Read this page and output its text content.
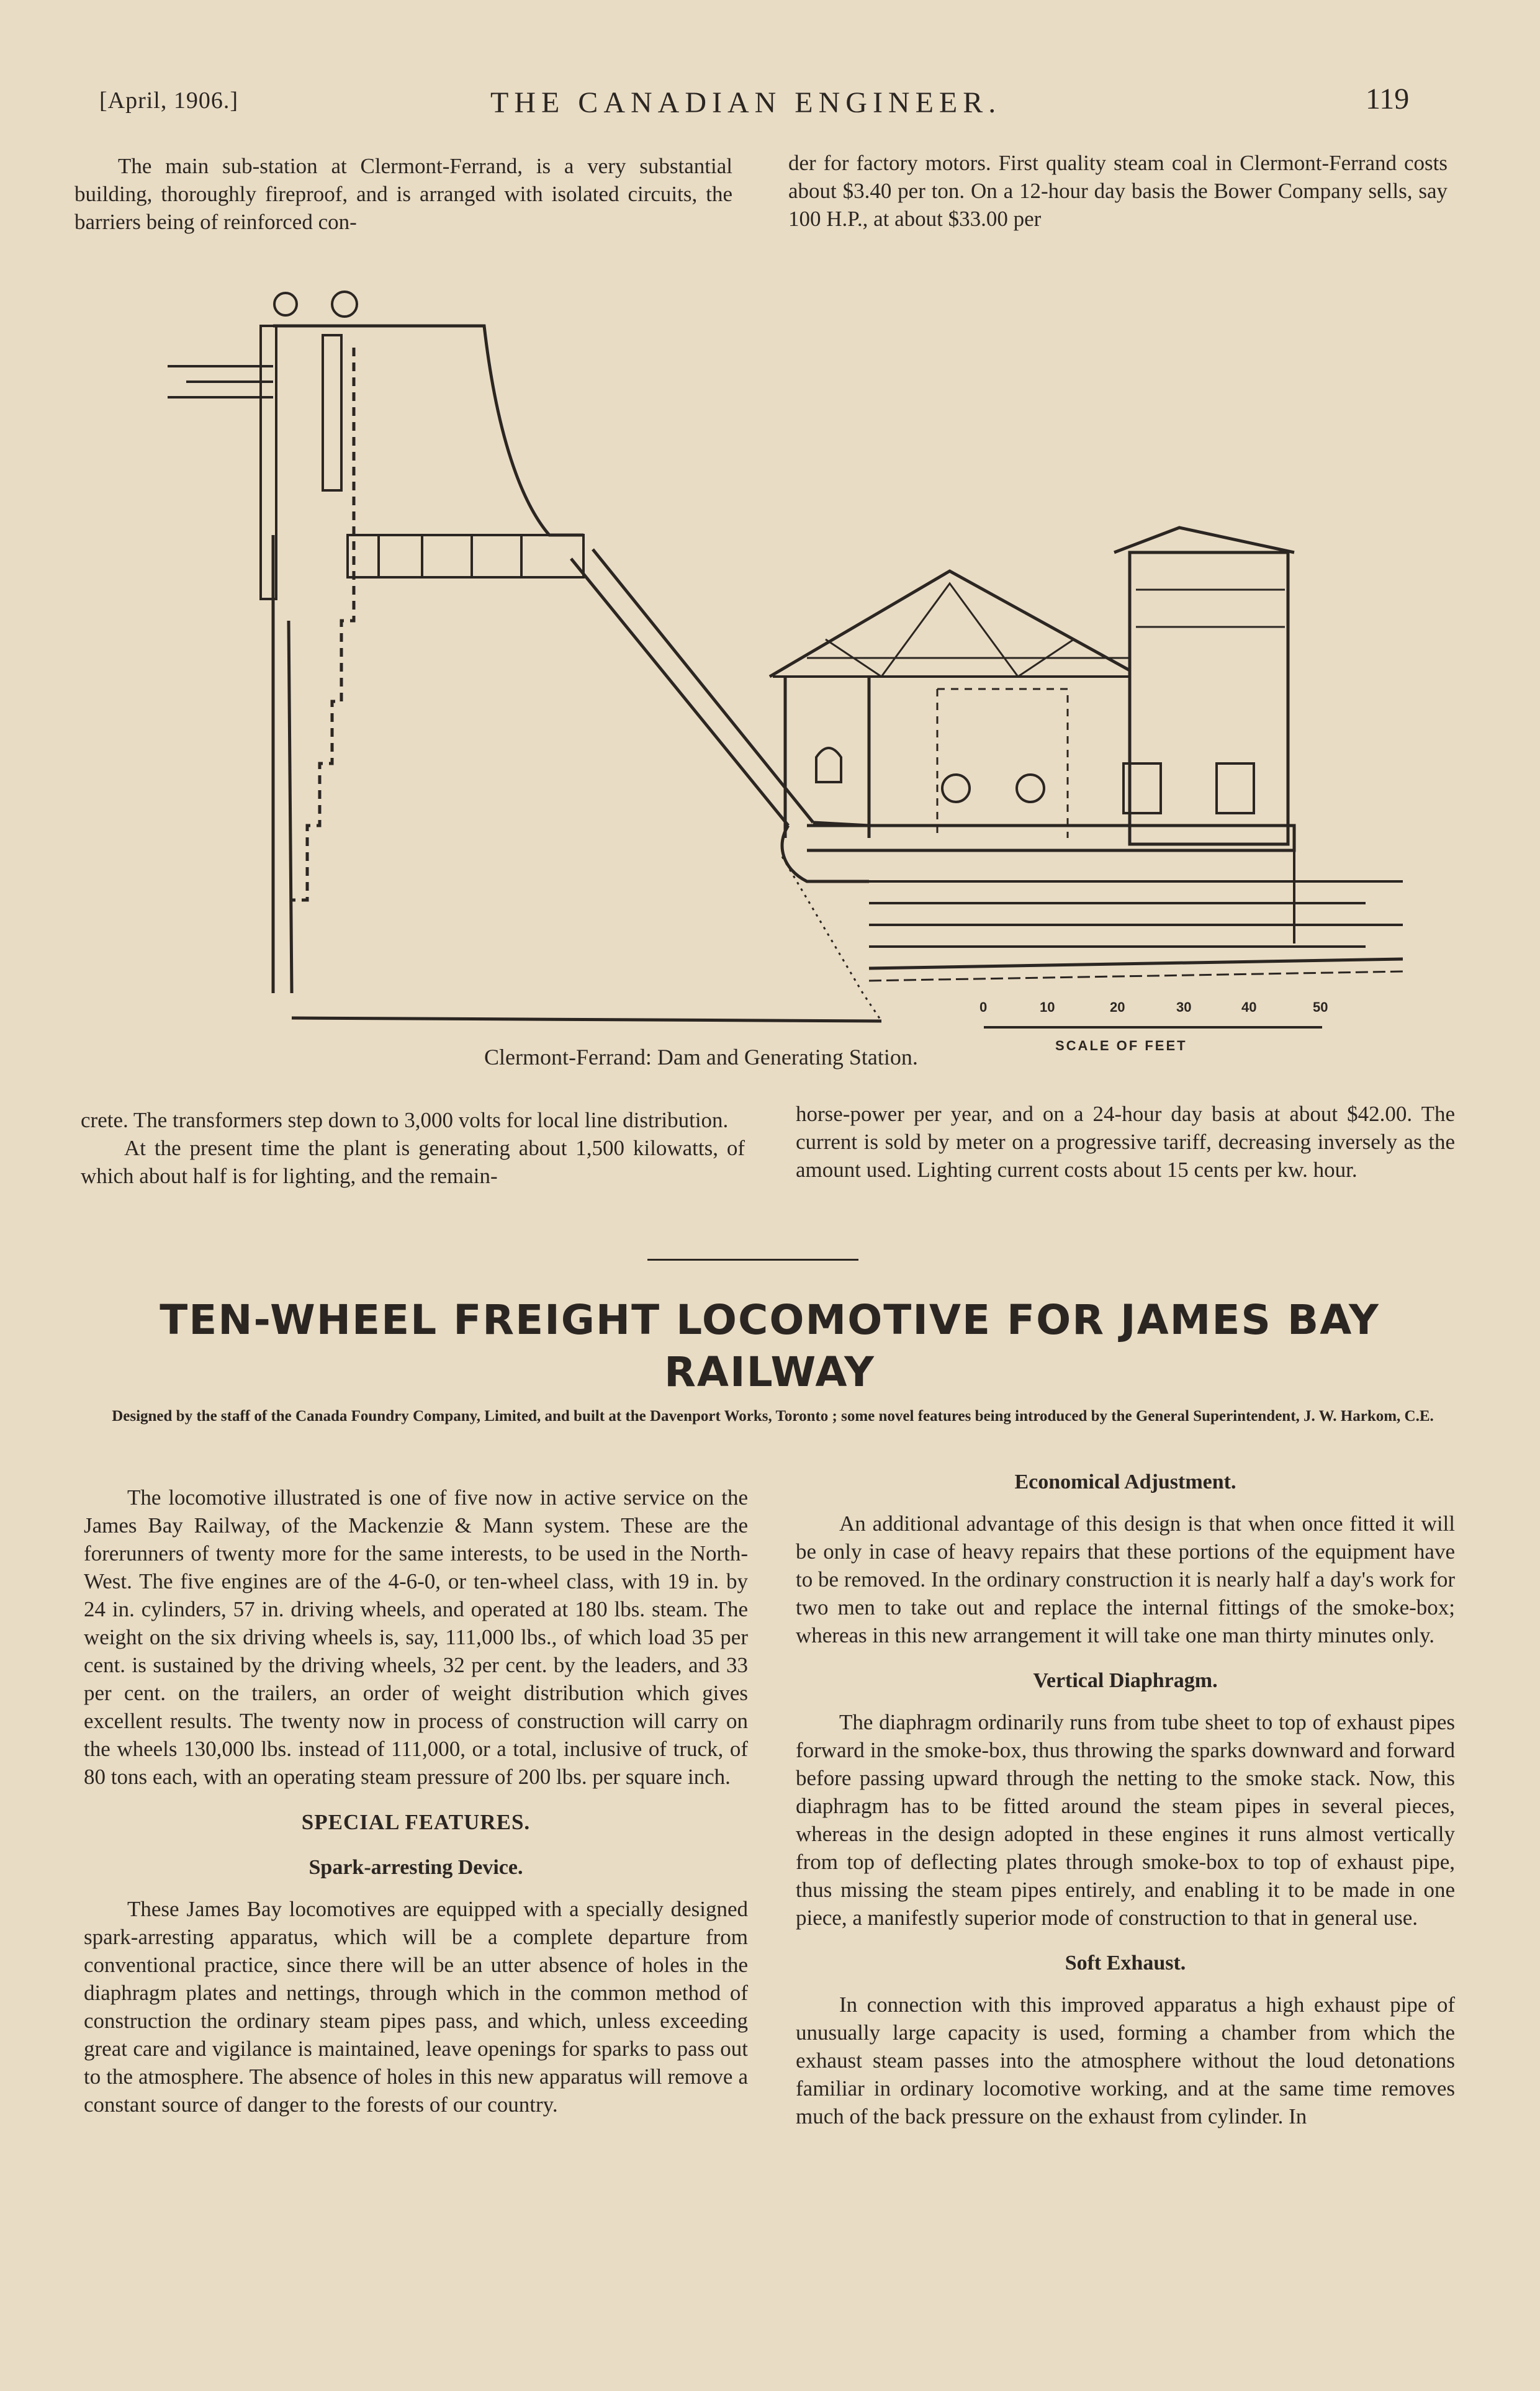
[April, 1906.]	THE CANADIAN ENGINEER.	119

The main sub-station at Clermont-Ferrand, is a very substantial building, thoroughly fireproof, and is arranged with isolated circuits, the barriers being of reinforced con-

der for factory motors. First quality steam coal in Clermont-Ferrand costs about $3.40 per ton. On a 12-hour day basis the Bower Company sells, say 100 H.P., at about $33.00 per

0	10	20	30	40	50
SCALE OF FEET
Clermont-Ferrand: Dam and Generating Station.

crete. The transformers step down to 3,000 volts for local line distribution.

At the present time the plant is generating about 1,500 kilowatts, of which about half is for lighting, and the remain-

horse-power per year, and on a 24-hour day basis at about $42.00. The current is sold by meter on a progressive tariff, decreasing inversely as the amount used. Lighting current costs about 15 cents per kw. hour.

TEN-WHEEL FREIGHT LOCOMOTIVE FOR JAMES BAY RAILWAY
Designed by the staff of the Canada Foundry Company, Limited, and built at the Davenport Works, Toronto ; some novel features being introduced by the General Superintendent, J. W. Harkom, C.E.

The locomotive illustrated is one of five now in active service on the James Bay Railway, of the Mackenzie & Mann system. These are the forerunners of twenty more for the same interests, to be used in the North-West. The five engines are of the 4-6-0, or ten-wheel class, with 19 in. by 24 in. cylinders, 57 in. driving wheels, and operated at 180 lbs. steam. The weight on the six driving wheels is, say, 111,000 lbs., of which load 35 per cent. is sustained by the driving wheels, 32 per cent. by the leaders, and 33 per cent. on the trailers, an order of weight distribution which gives excellent results. The twenty now in process of construction will carry on the wheels 130,000 lbs. instead of 111,000, or a total, inclusive of truck, of 80 tons each, with an operating steam pressure of 200 lbs. per square inch.

SPECIAL FEATURES.

Spark-arresting Device.

These James Bay locomotives are equipped with a specially designed spark-arresting apparatus, which will be a complete departure from conventional practice, since there will be an utter absence of holes in the diaphragm plates and nettings, through which in the common method of construction the ordinary steam pipes pass, and which, unless exceeding great care and vigilance is maintained, leave openings for sparks to pass out to the atmosphere. The absence of holes in this new apparatus will remove a constant source of danger to the forests of our country.

Economical Adjustment.

An additional advantage of this design is that when once fitted it will be only in case of heavy repairs that these portions of the equipment have to be removed. In the ordinary construction it is nearly half a day's work for two men to take out and replace the internal fittings of the smoke-box; whereas in this new arrangement it will take one man thirty minutes only.

Vertical Diaphragm.

The diaphragm ordinarily runs from tube sheet to top of exhaust pipes forward in the smoke-box, thus throwing the sparks downward and forward before passing upward through the netting to the smoke stack. Now, this diaphragm has to be fitted around the steam pipes in several pieces, whereas in the design adopted in these engines it runs almost vertically from top of deflecting plates through smoke-box to top of exhaust pipe, thus missing the steam pipes entirely, and enabling it to be made in one piece, a manifestly superior mode of construction to that in general use.

Soft Exhaust.

In connection with this improved apparatus a high exhaust pipe of unusually large capacity is used, forming a chamber from which the exhaust steam passes into the atmosphere without the loud detonations familiar in ordinary locomotive working, and at the same time removes much of the back pressure on the exhaust from cylinder. In
